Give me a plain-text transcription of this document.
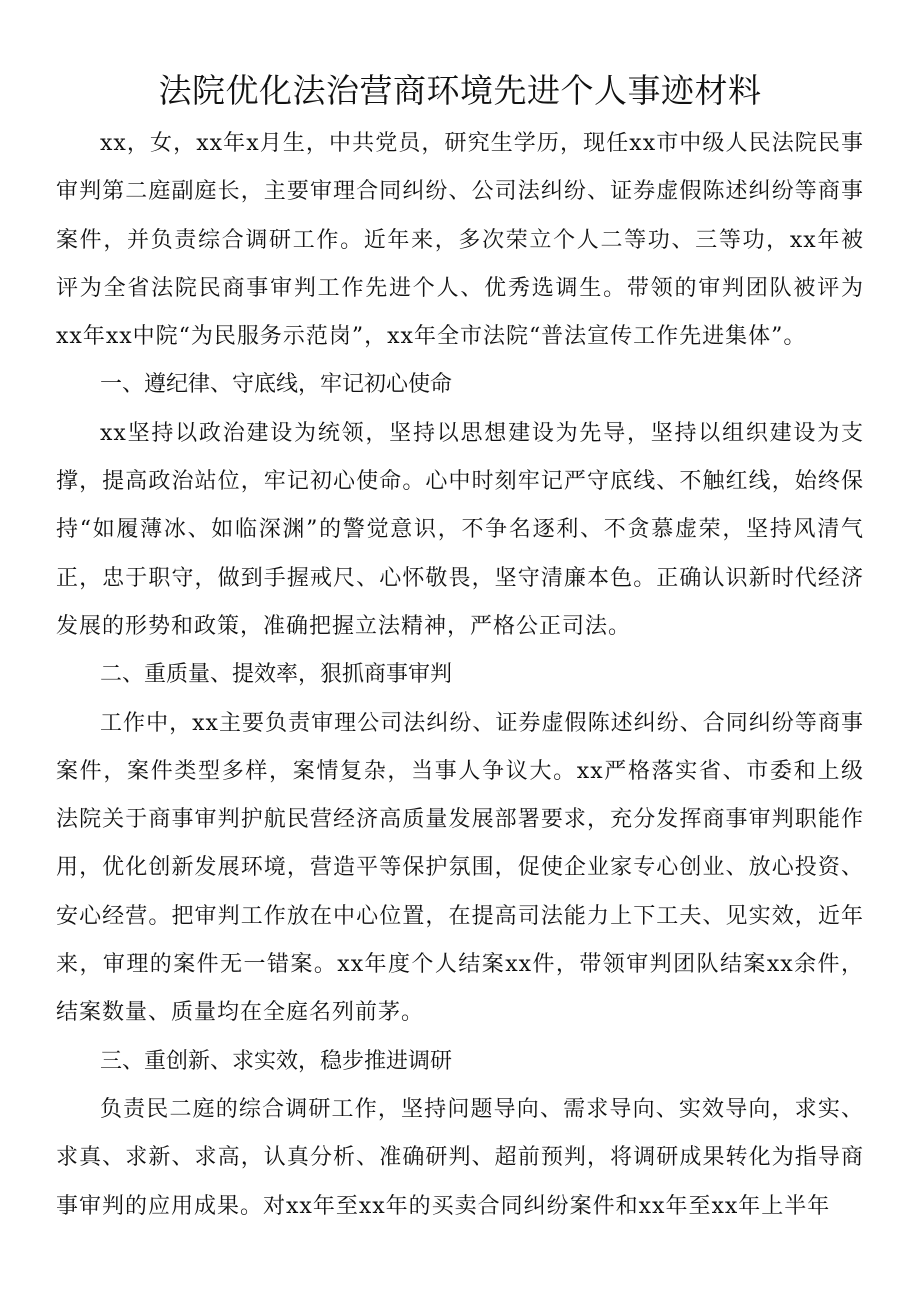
法院优化法治营商环境先进个人事迹材料

xx，女，xx年x月生，中共党员，研究生学历，现任xx市中级人民法院民事审判第二庭副庭长，主要审理合同纠纷、公司法纠纷、证券虚假陈述纠纷等商事案件，并负责综合调研工作。近年来，多次荣立个人二等功、三等功，xx年被评为全省法院民商事审判工作先进个人、优秀选调生。带领的审判团队被评为xx年xx中院“为民服务示范岗”，xx年全市法院“普法宣传工作先进集体”。

一、遵纪律、守底线，牢记初心使命

xx坚持以政治建设为统领，坚持以思想建设为先导，坚持以组织建设为支撑，提高政治站位，牢记初心使命。心中时刻牢记严守底线、不触红线，始终保持“如履薄冰、如临深渊”的警觉意识，不争名逐利、不贪慕虚荣，坚持风清气正，忠于职守，做到手握戒尺、心怀敬畏，坚守清廉本色。正确认识新时代经济发展的形势和政策，准确把握立法精神，严格公正司法。

二、重质量、提效率，狠抓商事审判

工作中，xx主要负责审理公司法纠纷、证券虚假陈述纠纷、合同纠纷等商事案件，案件类型多样，案情复杂，当事人争议大。xx严格落实省、市委和上级法院关于商事审判护航民营经济高质量发展部署要求，充分发挥商事审判职能作用，优化创新发展环境，营造平等保护氛围，促使企业家专心创业、放心投资、安心经营。把审判工作放在中心位置，在提高司法能力上下工夫、见实效，近年来，审理的案件无一错案。xx年度个人结案xx件，带领审判团队结案xx余件，结案数量、质量均在全庭名列前茅。

三、重创新、求实效，稳步推进调研

负责民二庭的综合调研工作，坚持问题导向、需求导向、实效导向，求实、求真、求新、求高，认真分析、准确研判、超前预判，将调研成果转化为指导商事审判的应用成果。对xx年至xx年的买卖合同纠纷案件和xx年至xx年上半年
